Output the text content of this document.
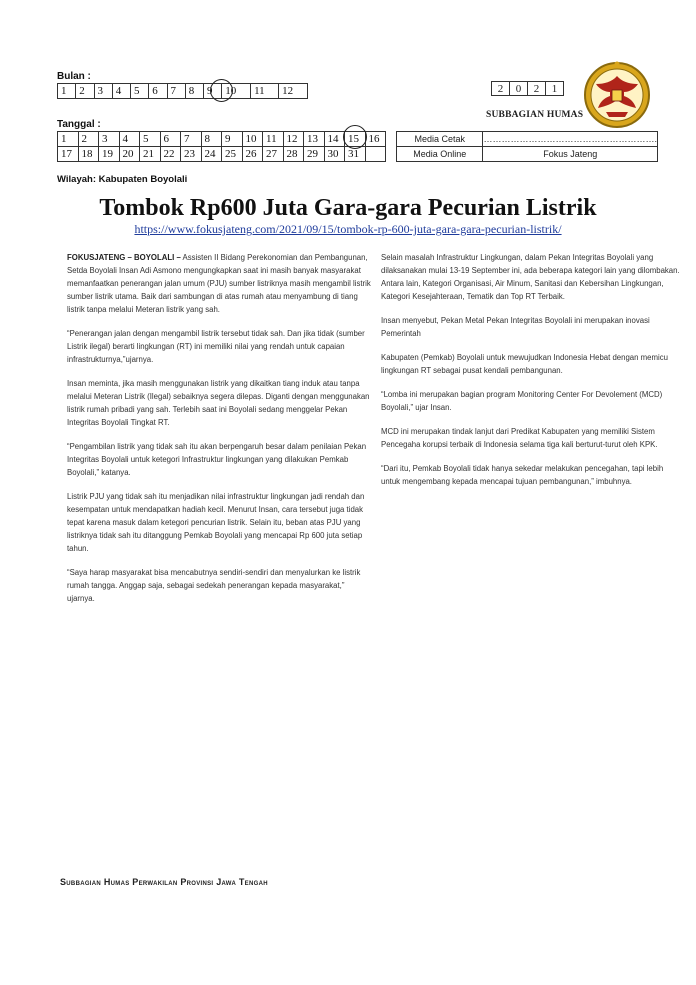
Bulan :
1	2	3	4	5	6	7	8	9	10	11	12
Tanggal :
1	2	3	4	5	6	7	8	9	10	11	12	13	14	15	16
17	18	19	20	21	22	23	24	25	26	27	28	29	30	31	
2	0	2	1
SUBBAGIAN HUMAS
Media Cetak	………………………………………………….
Media Online	Fokus Jateng
Wilayah: Kabupaten Boyolali
Tombok Rp600 Juta Gara-gara Pecurian Listrik
https://www.fokusjateng.com/2021/09/15/tombok-rp-600-juta-gara-gara-pecurian-listrik/

FOKUSJATENG – BOYOLALI – Assisten II Bidang Perekonomian dan Pembangunan, Setda Boyolali Insan Adi Asmono mengungkapkan saat ini masih banyak masyarakat memanfaatkan penerangan jalan umum (PJU) sumber listriknya masih mengambil listrik sumber listrik utama. Baik dari sambungan di atas rumah atau menyambung di tiang listrik tanpa melalui Meteran listrik yang sah.

“Penerangan jalan dengan mengambil listrik tersebut tidak sah. Dan jika tidak (sumber Listrik ilegal) berarti lingkungan (RT) ini memiliki nilai yang rendah untuk capaian infrastrukturnya,”ujarnya.

Insan meminta, jika masih menggunakan listrik yang dikaitkan tiang induk atau tanpa melalui Meteran Listrik (Ilegal) sebaiknya segera dilepas. Diganti dengan menggunakan listrik rumah pribadi yang sah. Terlebih saat ini Boyolali sedang menggelar Pekan Integritas Boyolali Tingkat RT.

“Pengambilan listrik yang tidak sah itu akan berpengaruh besar dalam penilaian Pekan Integritas Boyolali untuk ketegori Infrastruktur lingkungan yang dilakukan Pemkab Boyolali,” katanya.

Listrik PJU yang tidak sah itu menjadikan nilai infrastruktur lingkungan jadi rendah dan kesempatan untuk mendapatkan hadiah kecil. Menurut Insan, cara tersebut juga tidak tepat karena masuk dalam ketegori pencurian listrik. Selain itu, beban atas PJU yang listriknya tidak sah itu ditanggung Pemkab Boyolali yang mencapai Rp 600 juta setiap tahun.

“Saya harap masyarakat bisa mencabutnya sendiri-sendiri dan menyalurkan ke listrik rumah tangga. Anggap saja, sebagai sedekah penerangan kepada masyarakat,” ujarnya.

Selain masalah Infrastruktur Lingkungan, dalam Pekan Integritas Boyolali yang dilaksanakan mulai 13-19 September ini, ada beberapa kategori lain yang dilombakan. Antara lain, Kategori Organisasi, Air Minum, Sanitasi dan Kebersihan Lingkungan, Kategori Kesejahteraan, Tematik dan Top RT Terbaik.

Insan menyebut, Pekan Metal Pekan Integritas Boyolali ini merupakan inovasi Pemerintah

Kabupaten (Pemkab) Boyolali untuk mewujudkan Indonesia Hebat dengan memicu lingkungan RT sebagai pusat kendali pembangunan.

“Lomba ini merupakan bagian program Monitoring Center For Devolement (MCD) Boyolali,” ujar Insan.

MCD ini merupakan tindak lanjut dari Predikat Kabupaten yang memiliki Sistem Pencegaha korupsi terbaik di Indonesia selama tiga kali berturut-turut oleh KPK.

“Dari itu, Pemkab Boyolali tidak hanya sekedar melakukan pencegahan, tapi lebih untuk mengembang kepada mencapai tujuan pembangunan,” imbuhnya.

Subbagian Humas Perwakilan Provinsi Jawa Tengah
